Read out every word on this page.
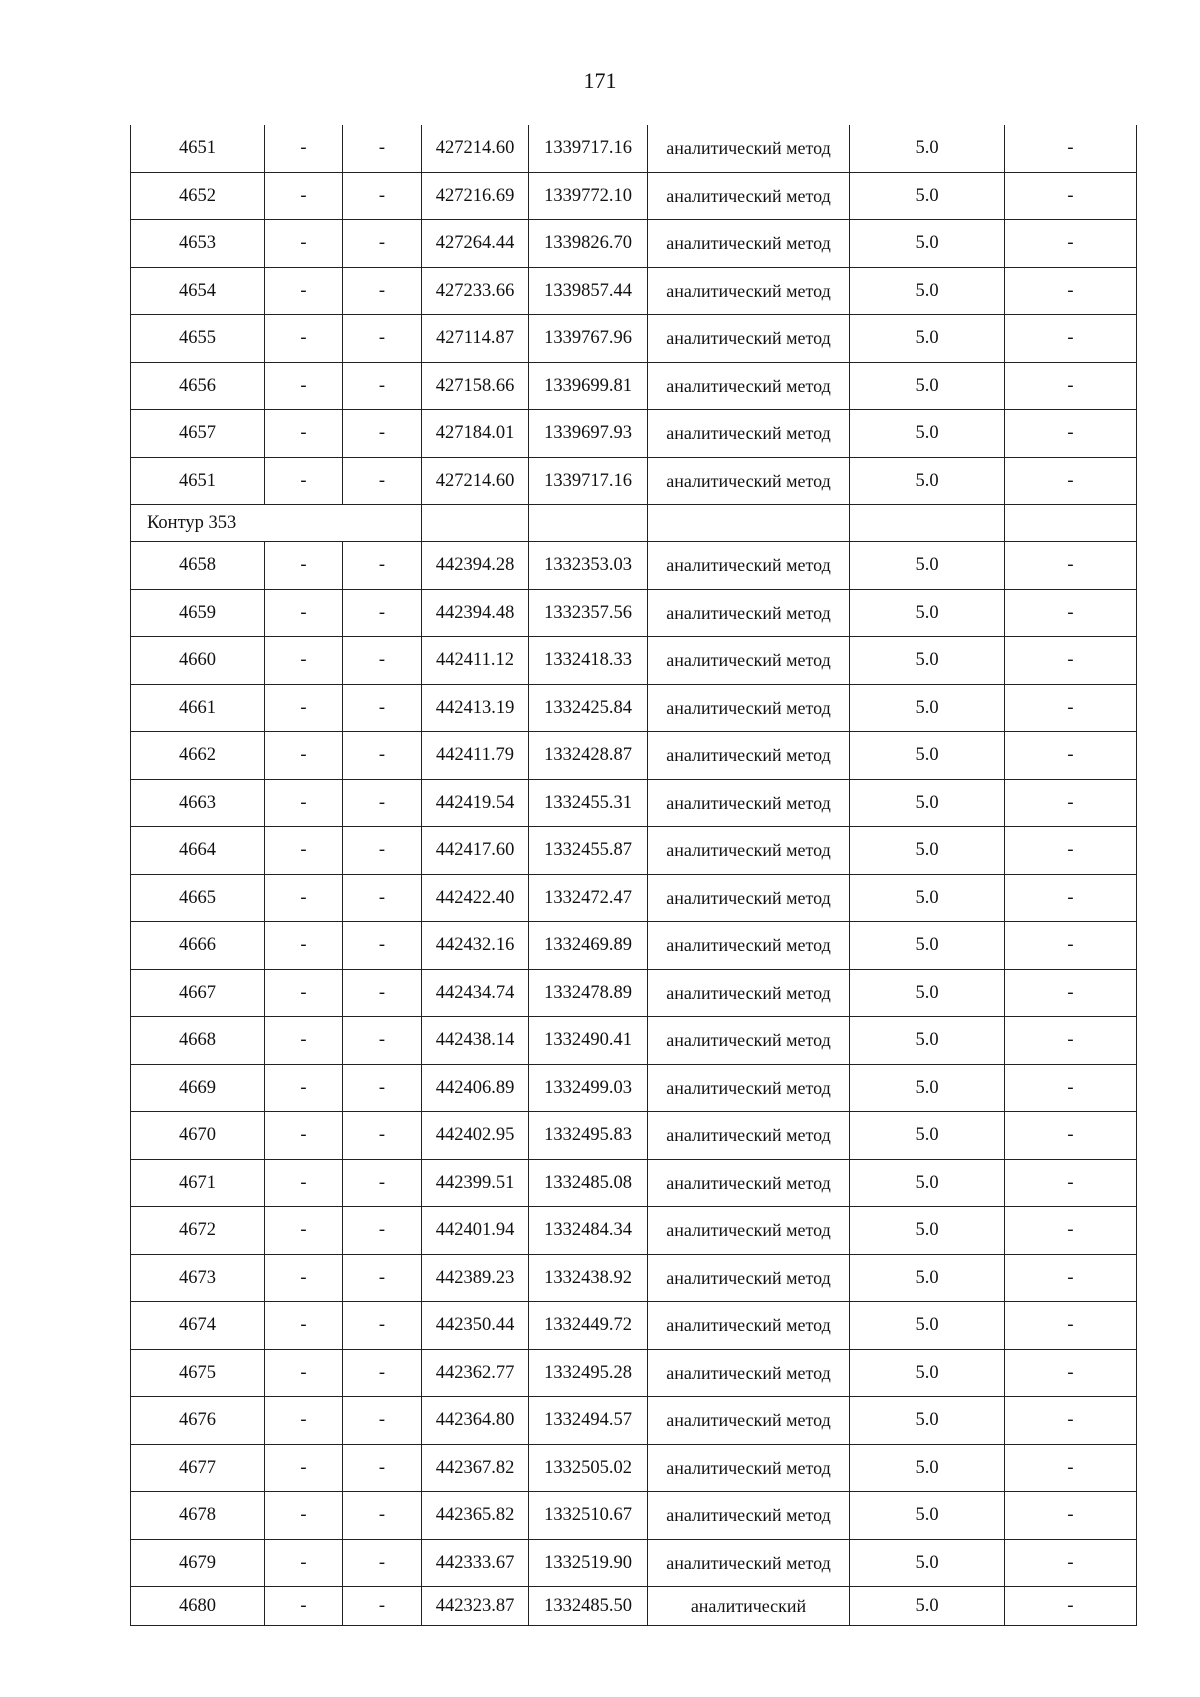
171
4651	-	-	427214.60	1339717.16	аналитический метод	5.0	-
4652	-	-	427216.69	1339772.10	аналитический метод	5.0	-
4653	-	-	427264.44	1339826.70	аналитический метод	5.0	-
4654	-	-	427233.66	1339857.44	аналитический метод	5.0	-
4655	-	-	427114.87	1339767.96	аналитический метод	5.0	-
4656	-	-	427158.66	1339699.81	аналитический метод	5.0	-
4657	-	-	427184.01	1339697.93	аналитический метод	5.0	-
4651	-	-	427214.60	1339717.16	аналитический метод	5.0	-
Контур 353							
4658	-	-	442394.28	1332353.03	аналитический метод	5.0	-
4659	-	-	442394.48	1332357.56	аналитический метод	5.0	-
4660	-	-	442411.12	1332418.33	аналитический метод	5.0	-
4661	-	-	442413.19	1332425.84	аналитический метод	5.0	-
4662	-	-	442411.79	1332428.87	аналитический метод	5.0	-
4663	-	-	442419.54	1332455.31	аналитический метод	5.0	-
4664	-	-	442417.60	1332455.87	аналитический метод	5.0	-
4665	-	-	442422.40	1332472.47	аналитический метод	5.0	-
4666	-	-	442432.16	1332469.89	аналитический метод	5.0	-
4667	-	-	442434.74	1332478.89	аналитический метод	5.0	-
4668	-	-	442438.14	1332490.41	аналитический метод	5.0	-
4669	-	-	442406.89	1332499.03	аналитический метод	5.0	-
4670	-	-	442402.95	1332495.83	аналитический метод	5.0	-
4671	-	-	442399.51	1332485.08	аналитический метод	5.0	-
4672	-	-	442401.94	1332484.34	аналитический метод	5.0	-
4673	-	-	442389.23	1332438.92	аналитический метод	5.0	-
4674	-	-	442350.44	1332449.72	аналитический метод	5.0	-
4675	-	-	442362.77	1332495.28	аналитический метод	5.0	-
4676	-	-	442364.80	1332494.57	аналитический метод	5.0	-
4677	-	-	442367.82	1332505.02	аналитический метод	5.0	-
4678	-	-	442365.82	1332510.67	аналитический метод	5.0	-
4679	-	-	442333.67	1332519.90	аналитический метод	5.0	-
4680	-	-	442323.87	1332485.50	аналитический	5.0	-
